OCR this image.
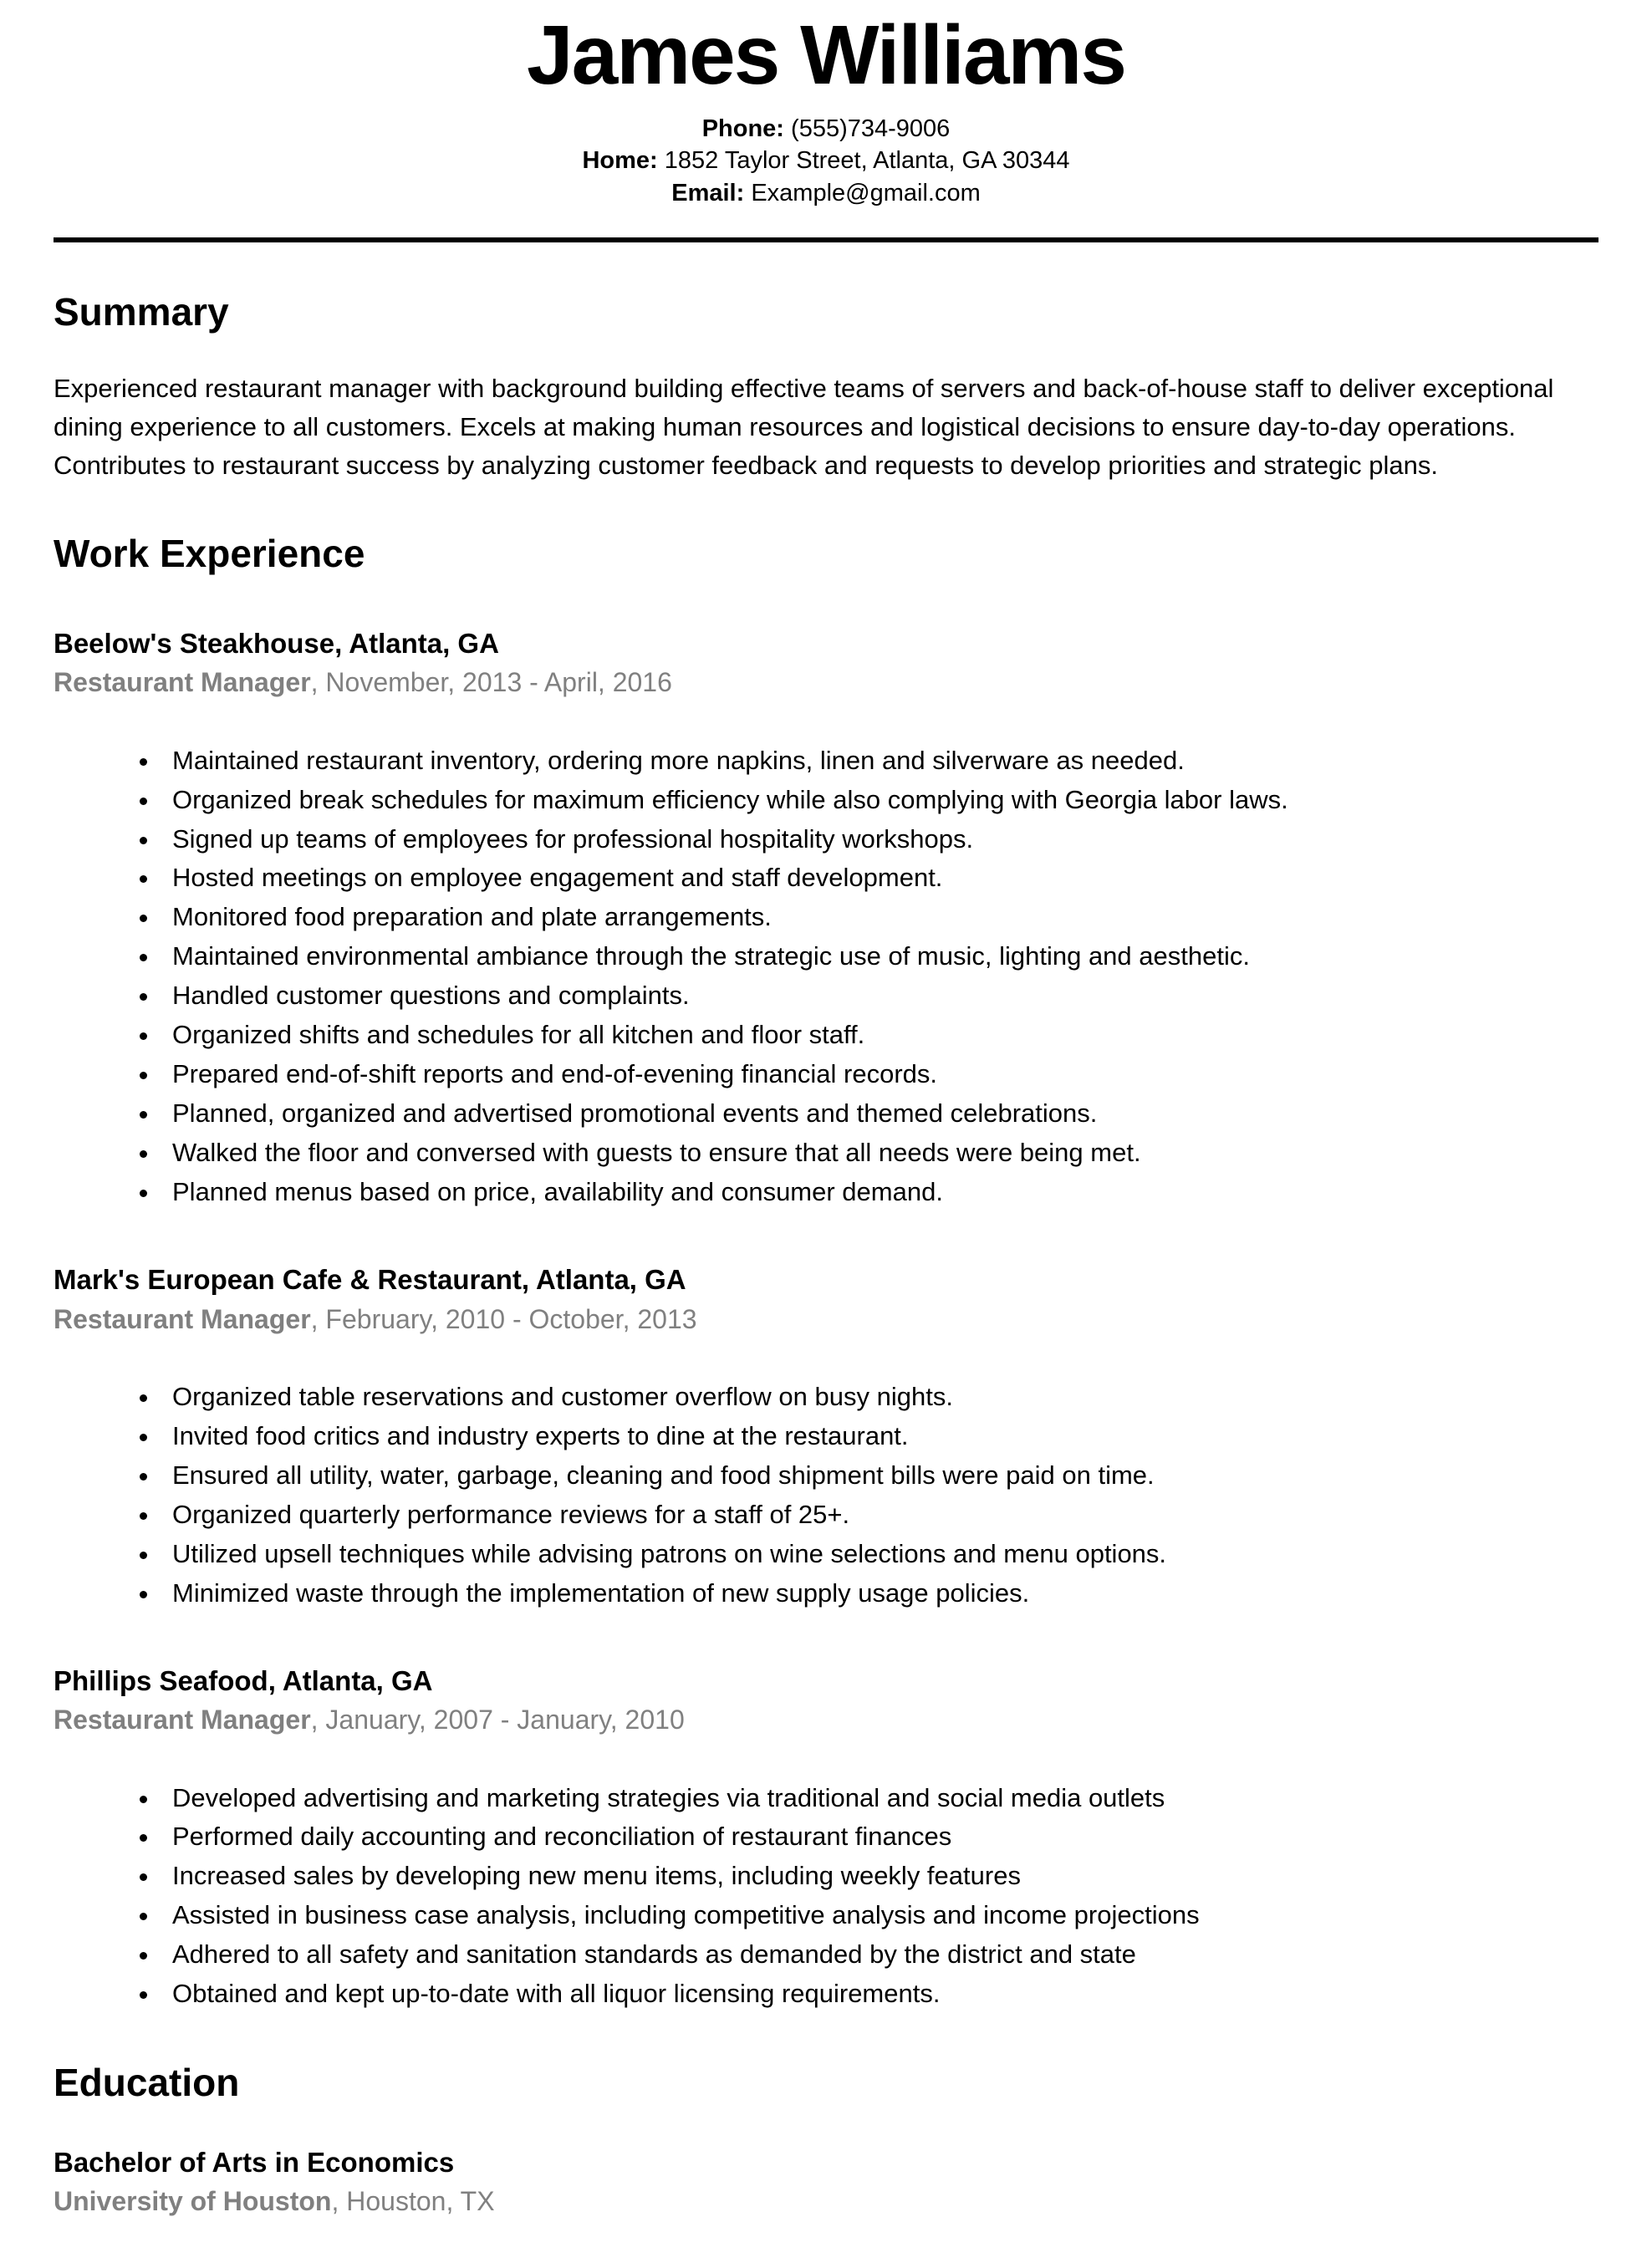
James Williams
Phone: (555)734-9006
Home: 1852 Taylor Street, Atlanta, GA 30344
Email: Example@gmail.com
Summary

Experienced restaurant manager with background building effective teams of servers and back-of-house staff to deliver exceptional dining experience to all customers. Excels at making human resources and logistical decisions to ensure day-to-day operations. Contributes to restaurant success by analyzing customer feedback and requests to develop priorities and strategic plans.

Work Experience
Beelow's Steakhouse, Atlanta, GA
Restaurant Manager, November, 2013 - April, 2016
• Maintained restaurant inventory, ordering more napkins, linen and silverware as needed.
• Organized break schedules for maximum efficiency while also complying with Georgia labor laws.
• Signed up teams of employees for professional hospitality workshops.
• Hosted meetings on employee engagement and staff development.
• Monitored food preparation and plate arrangements.
• Maintained environmental ambiance through the strategic use of music, lighting and aesthetic.
• Handled customer questions and complaints.
• Organized shifts and schedules for all kitchen and floor staff.
• Prepared end-of-shift reports and end-of-evening financial records.
• Planned, organized and advertised promotional events and themed celebrations.
• Walked the floor and conversed with guests to ensure that all needs were being met.
• Planned menus based on price, availability and consumer demand.
Mark's European Cafe & Restaurant, Atlanta, GA
Restaurant Manager, February, 2010 - October, 2013
• Organized table reservations and customer overflow on busy nights.
• Invited food critics and industry experts to dine at the restaurant.
• Ensured all utility, water, garbage, cleaning and food shipment bills were paid on time.
• Organized quarterly performance reviews for a staff of 25+.
• Utilized upsell techniques while advising patrons on wine selections and menu options.
• Minimized waste through the implementation of new supply usage policies.
Phillips Seafood, Atlanta, GA
Restaurant Manager, January, 2007 - January, 2010
• Developed advertising and marketing strategies via traditional and social media outlets
• Performed daily accounting and reconciliation of restaurant finances
• Increased sales by developing new menu items, including weekly features
• Assisted in business case analysis, including competitive analysis and income projections
• Adhered to all safety and sanitation standards as demanded by the district and state
• Obtained and kept up-to-date with all liquor licensing requirements.
Education
Bachelor of Arts in Economics
University of Houston, Houston, TX
